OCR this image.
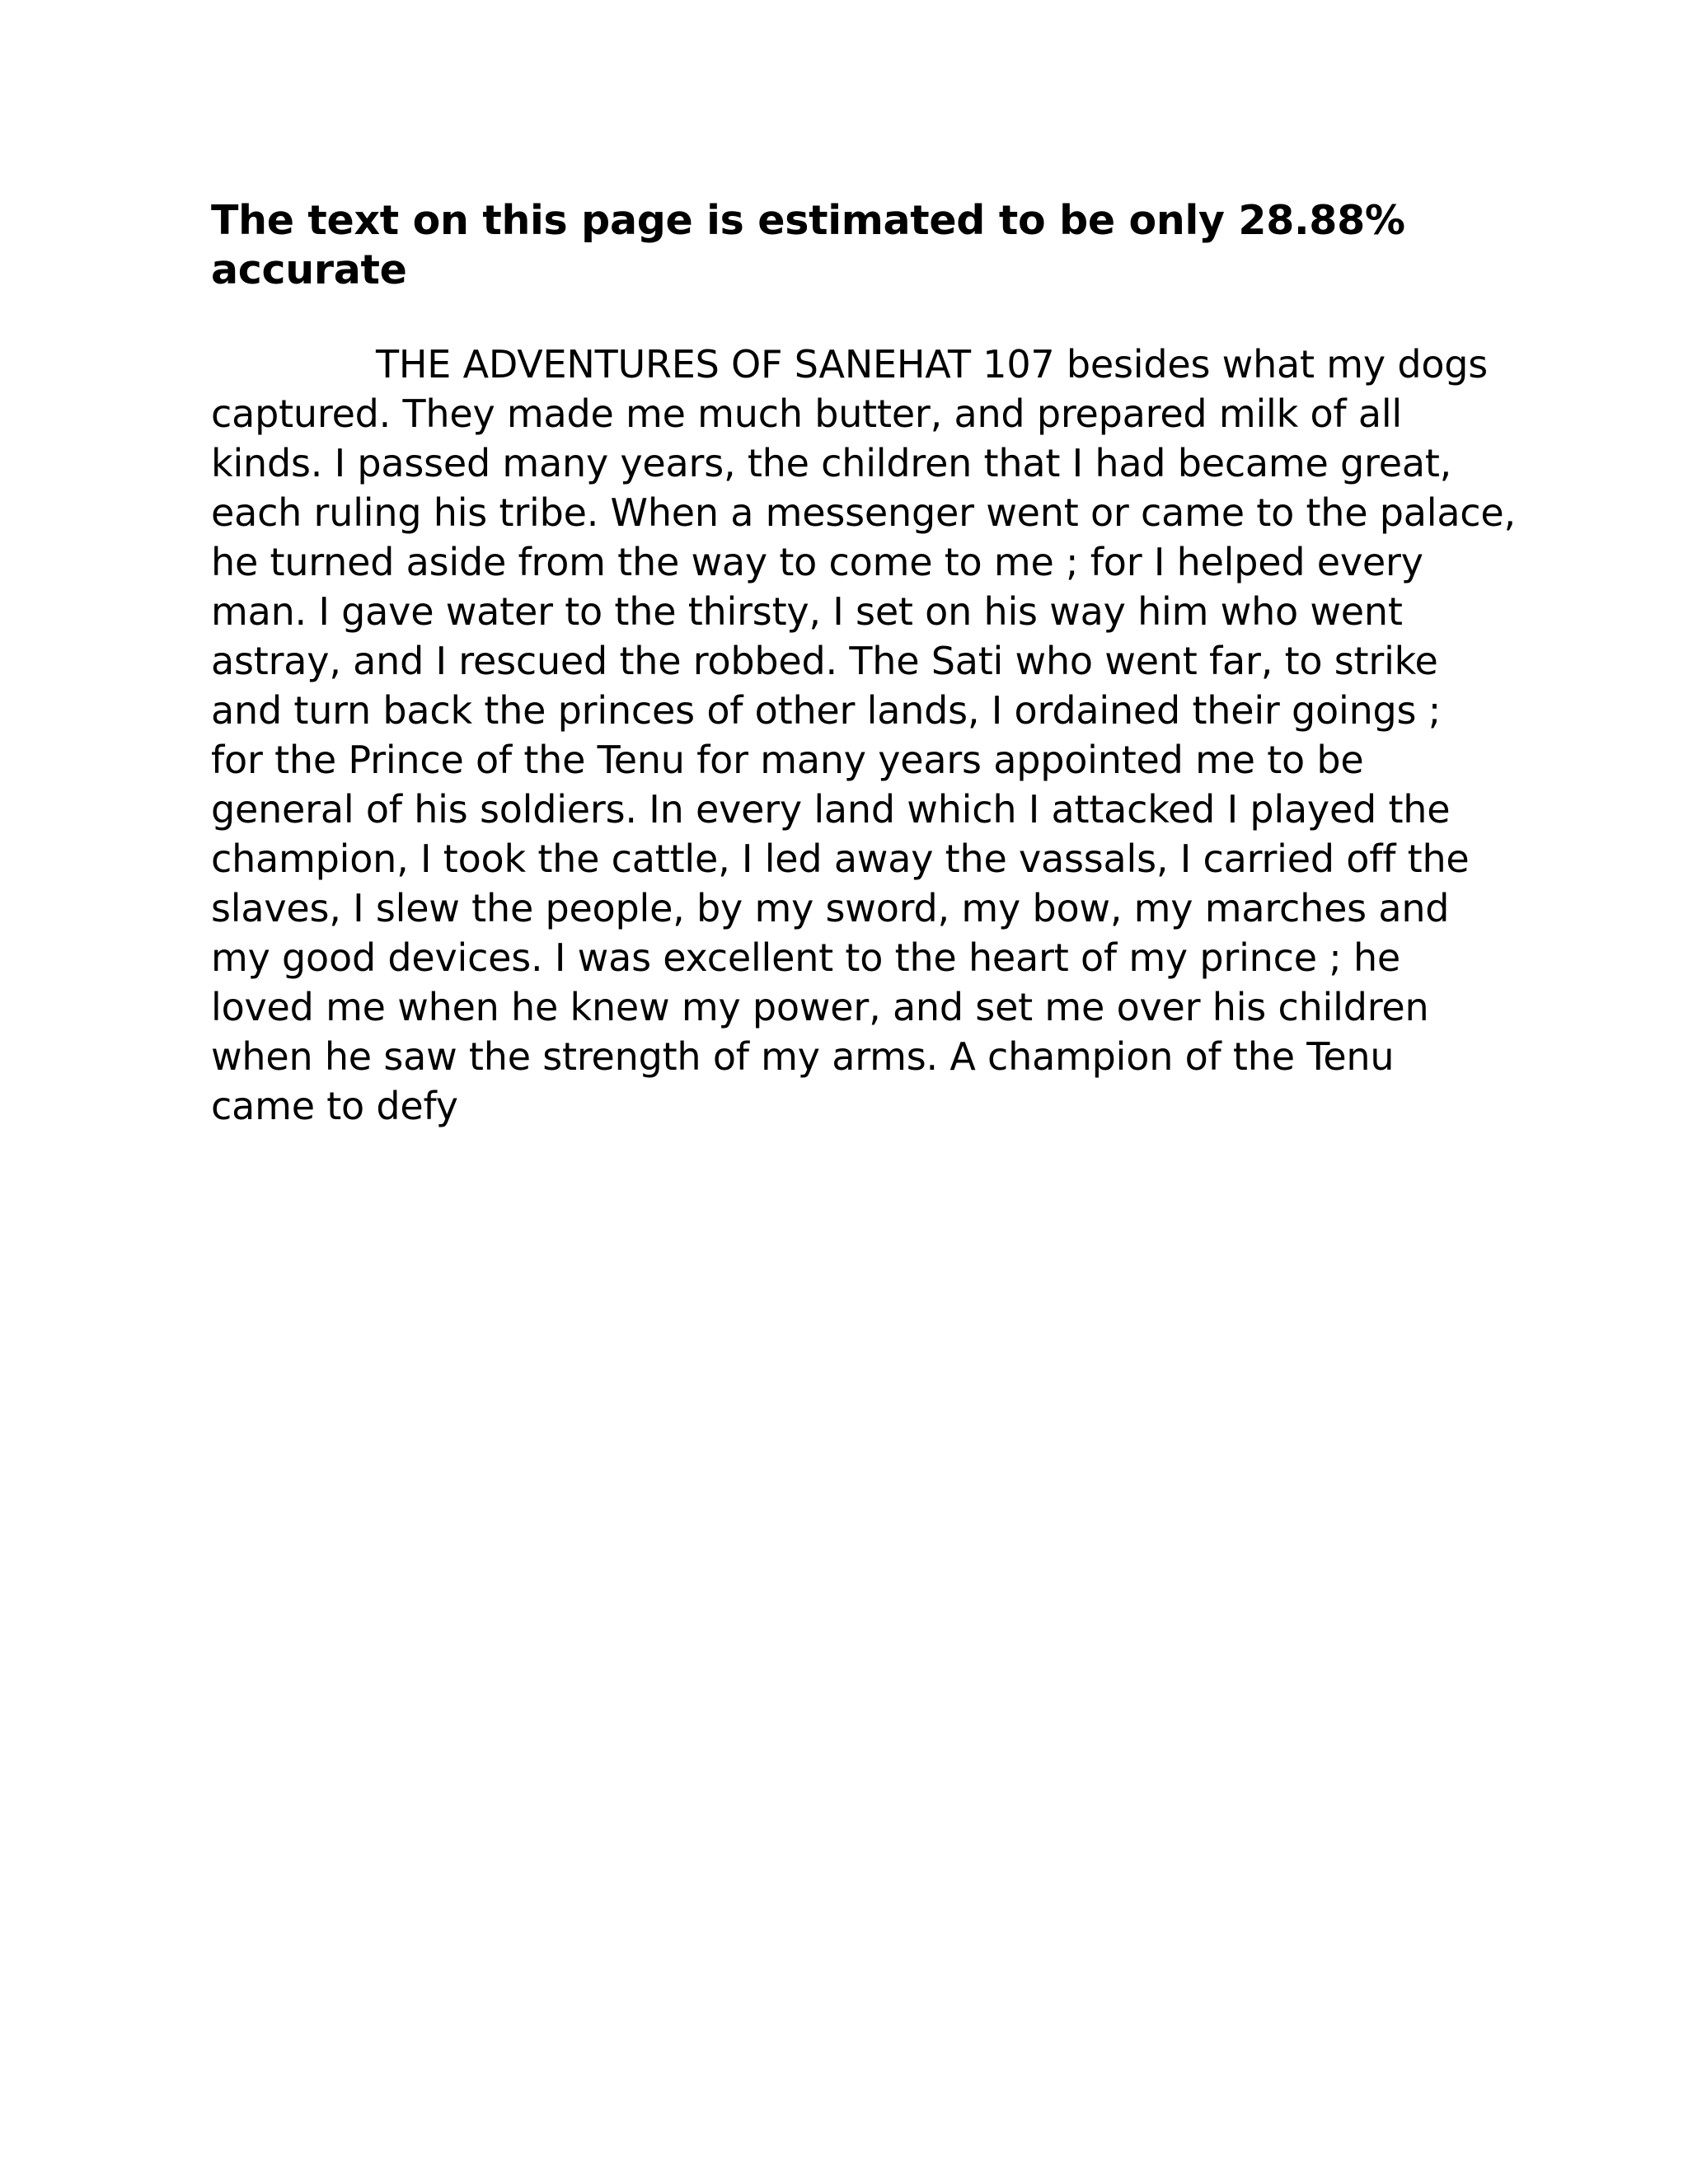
The text on this page is estimated to be only 28.88%
accurate
THE ADVENTURES OF SANEHAT 107 besides what my dogs
captured. They made me much butter, and prepared milk of all
kinds. I passed many years, the children that I had became great,
each ruling his tribe. When a messenger went or came to the palace,
he turned aside from the way to come to me ; for I helped every
man. I gave water to the thirsty, I set on his way him who went
astray, and I rescued the robbed. The Sati who went far, to strike
and turn back the princes of other lands, I ordained their goings ;
for the Prince of the Tenu for many years appointed me to be
general of his soldiers. In every land which I attacked I played the
champion, I took the cattle, I led away the vassals, I carried off the
slaves, I slew the people, by my sword, my bow, my marches and
my good devices. I was excellent to the heart of my prince ; he
loved me when he knew my power, and set me over his children
when he saw the strength of my arms. A champion of the Tenu
came to defy
